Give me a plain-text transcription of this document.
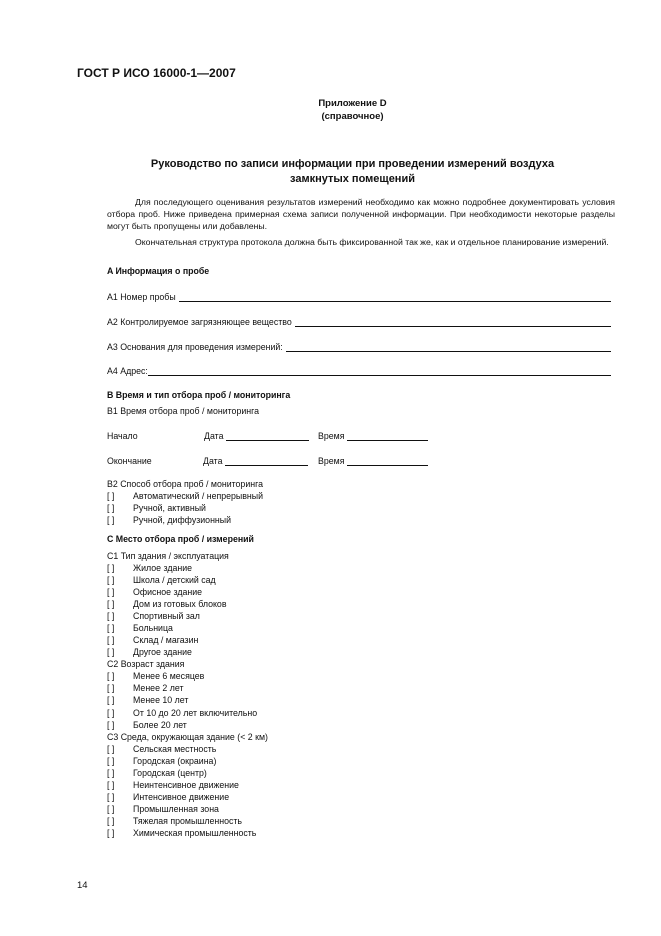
ГОСТ Р ИСО 16000-1—2007
Приложение D
(справочное)
Руководство по записи информации при проведении измерений воздуха
замкнутых помещений
Для последующего оценивания результатов измерений необходимо как можно подробнее документировать условия отбора проб. Ниже приведена примерная схема записи полученной информации. При необходимости некоторые разделы могут быть пропущены или добавлены.
Окончательная структура протокола должна быть фиксированной так же, как и отдельное планирование измерений.
A Информация о пробе
A1 Номер пробы
A2 Контролируемое загрязняющее вещество
A3 Основания для проведения измерений:
A4 Адрес:
B Время и тип отбора проб / мониторинга
B1 Время отбора проб / мониторинга
Начало	Дата	Время
Окончание	Дата	Время
B2 Способ отбора проб / мониторинга
[ ] Автоматический / непрерывный
[ ] Ручной, активный
[ ] Ручной, диффузионный
C Место отбора проб / измерений
C1 Тип здания / эксплуатация
[ ] Жилое здание
[ ] Школа / детский сад
[ ] Офисное здание
[ ] Дом из готовых блоков
[ ] Спортивный зал
[ ] Больница
[ ] Склад / магазин
[ ] Другое здание
C2 Возраст здания
[ ] Менее 6 месяцев
[ ] Менее 2 лет
[ ] Менее 10 лет
[ ] От 10 до 20 лет включительно
[ ] Более 20 лет
C3 Среда, окружающая здание (< 2 км)
[ ] Сельская местность
[ ] Городская (окраина)
[ ] Городская (центр)
[ ] Неинтенсивное движение
[ ] Интенсивное движение
[ ] Промышленная зона
[ ] Тяжелая промышленность
[ ] Химическая промышленность
14
